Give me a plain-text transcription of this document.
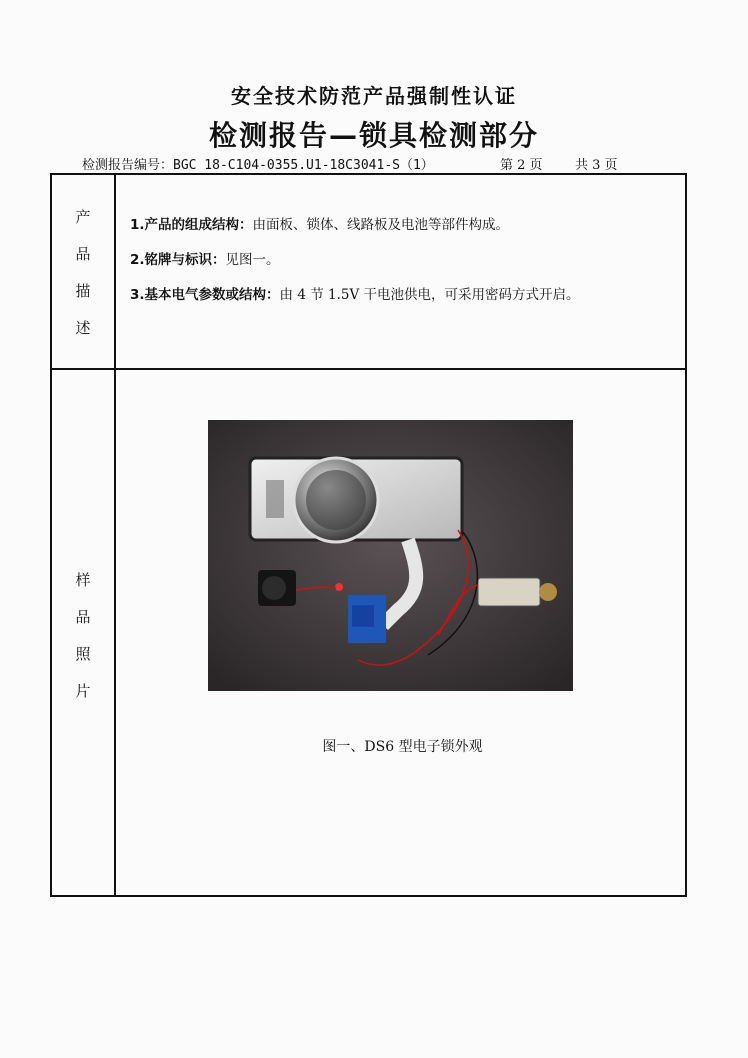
安全技术防范产品强制性认证
检测报告—锁具检测部分
检测报告编号：BGC 18-C104-0355.U1-18C3041-S（1）	第 2 页 共 3 页
产
品
描
述

1.产品的组成结构：由面板、锁体、线路板及电池等部件构成。

2.铭牌与标识：见图一。

3.基本电气参数或结构：由 4 节 1.5V 干电池供电，可采用密码方式开启。

样
品
照
片
图一、DS6 型电子锁外观
